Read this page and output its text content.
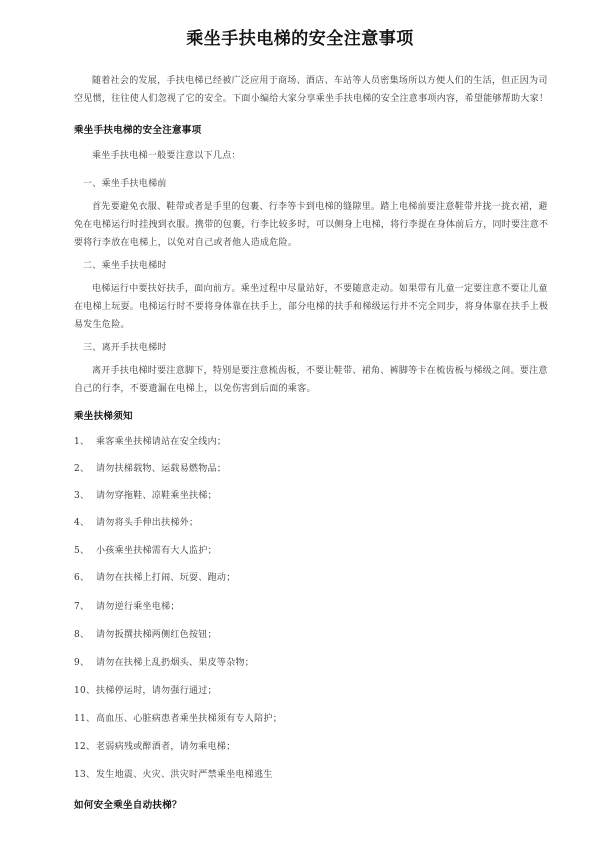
乘坐手扶电梯的安全注意事项

随着社会的发展，手扶电梯已经被广泛应用于商场、酒店、车站等人员密集场所以方便人们的生活，但正因为司空见惯，往往使人们忽视了它的安全。下面小编给大家分享乘坐手扶电梯的安全注意事项内容，希望能够帮助大家！

乘坐手扶电梯的安全注意事项
乘坐手扶电梯一般要注意以下几点：
一、乘坐手扶电梯前

首先要避免衣服、鞋带或者是手里的包裹、行李等卡到电梯的缝隙里。踏上电梯前要注意鞋带并拢一拢衣裙，避免在电梯运行时挂拽到衣服。携带的包裹，行李比较多时，可以侧身上电梯，将行李提在身体前后方，同时要注意不要将行李放在电梯上，以免对自己或者他人造成危险。

二、乘坐手扶电梯时

电梯运行中要扶好扶手，面向前方。乘坐过程中尽量站好，不要随意走动。如果带有儿童一定要注意不要让儿童在电梯上玩耍。电梯运行时不要将身体靠在扶手上，部分电梯的扶手和梯级运行并不完全同步，将身体靠在扶手上极易发生危险。

三、离开手扶电梯时

离开手扶电梯时要注意脚下，特别是要注意梳齿板，不要让鞋带、裙角、裤脚等卡在梳齿板与梯级之间。要注意自己的行李，不要遗漏在电梯上，以免伤害到后面的乘客。

乘坐扶梯须知
1、 乘客乘坐扶梯请站在安全线内；
2、 请勿扶梯载物、运载易燃物品；
3、 请勿穿拖鞋、凉鞋乘坐扶梯；
4、 请勿将头手伸出扶梯外；
5、 小孩乘坐扶梯需有大人监护；
6、 请勿在扶梯上打闹、玩耍、跑动；
7、 请勿逆行乘坐电梯；
8、 请勿扳撰扶梯两侧红色按钮；
9、 请勿在扶梯上乱扔烟头、果皮等杂物；
10、扶梯停运时，请勿强行通过；
11、高血压、心脏病患者乘坐扶梯须有专人陪护；
12、老弱病残或醉酒者，请勿乘电梯；
13、发生地震、火灾、洪灾时严禁乘坐电梯逃生
如何安全乘坐自动扶梯？
